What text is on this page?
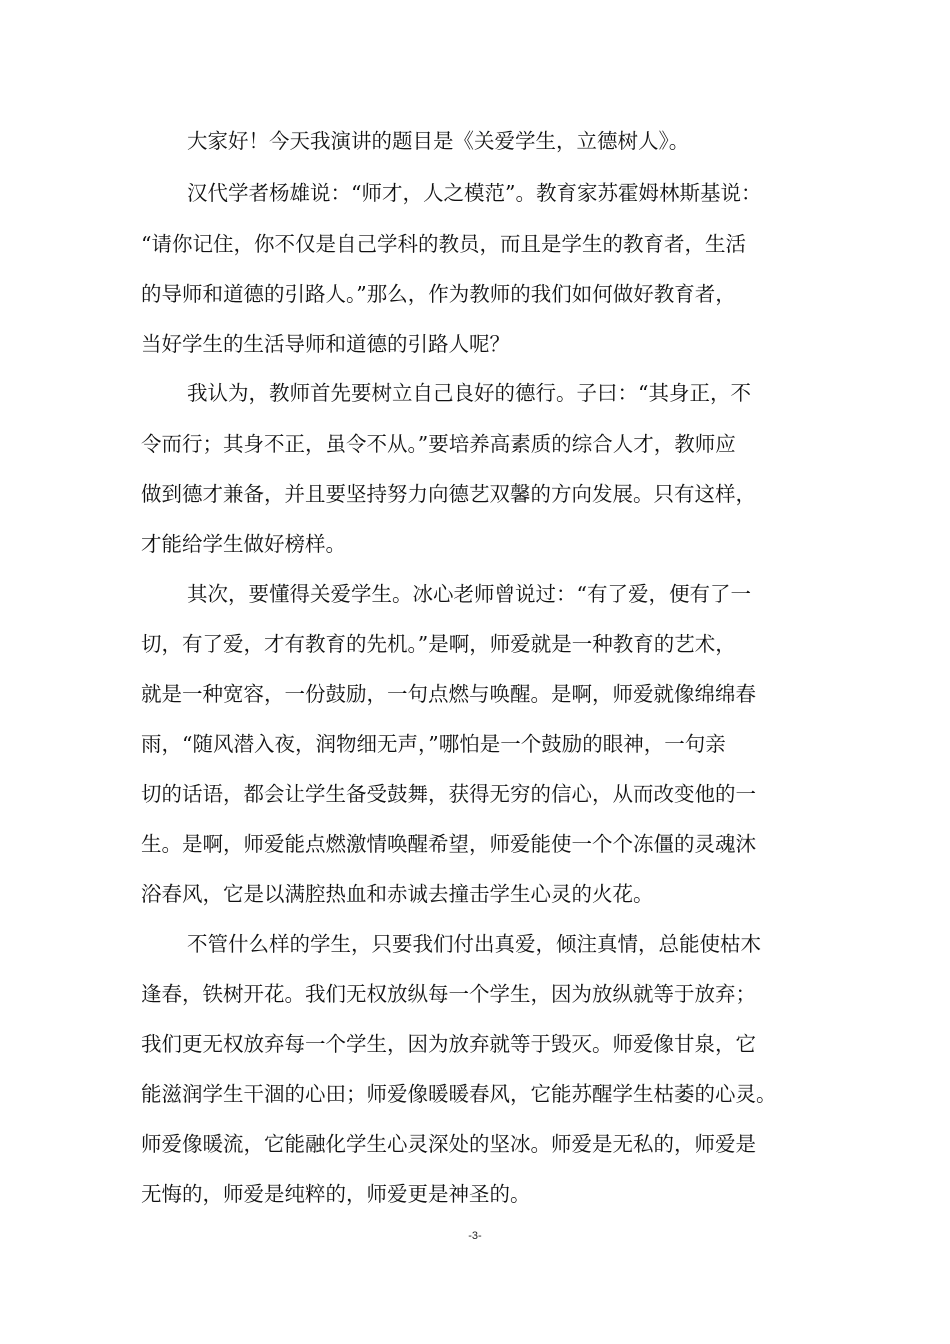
大家好！今天我演讲的题目是《关爱学生，立德树人》。
汉代学者杨雄说：“师才，人之模范”。教育家苏霍姆林斯基说：
“请你记住，你不仅是自己学科的教员，而且是学生的教育者，生活
的导师和道德的引路人。”那么，作为教师的我们如何做好教育者，
当好学生的生活导师和道德的引路人呢？
我认为，教师首先要树立自己良好的德行。子曰：“其身正，不
令而行；其身不正，虽令不从。”要培养高素质的综合人才，教师应
做到德才兼备，并且要坚持努力向德艺双馨的方向发展。只有这样，
才能给学生做好榜样。
其次，要懂得关爱学生。冰心老师曾说过：“有了爱，便有了一
切，有了爱，才有教育的先机。”是啊，师爱就是一种教育的艺术，
就是一种宽容，一份鼓励，一句点燃与唤醒。是啊，师爱就像绵绵春
雨，“随风潜入夜，润物细无声，”哪怕是一个鼓励的眼神，一句亲
切的话语，都会让学生备受鼓舞，获得无穷的信心，从而改变他的一
生。是啊，师爱能点燃激情唤醒希望，师爱能使一个个冻僵的灵魂沐
浴春风，它是以满腔热血和赤诚去撞击学生心灵的火花。
不管什么样的学生，只要我们付出真爱，倾注真情，总能使枯木
逢春，铁树开花。我们无权放纵每一个学生，因为放纵就等于放弃；
我们更无权放弃每一个学生，因为放弃就等于毁灭。师爱像甘泉，它
能滋润学生干涸的心田；师爱像暖暖春风，它能苏醒学生枯萎的心灵。
师爱像暖流，它能融化学生心灵深处的坚冰。师爱是无私的，师爱是
无悔的，师爱是纯粹的，师爱更是神圣的。
-3-
